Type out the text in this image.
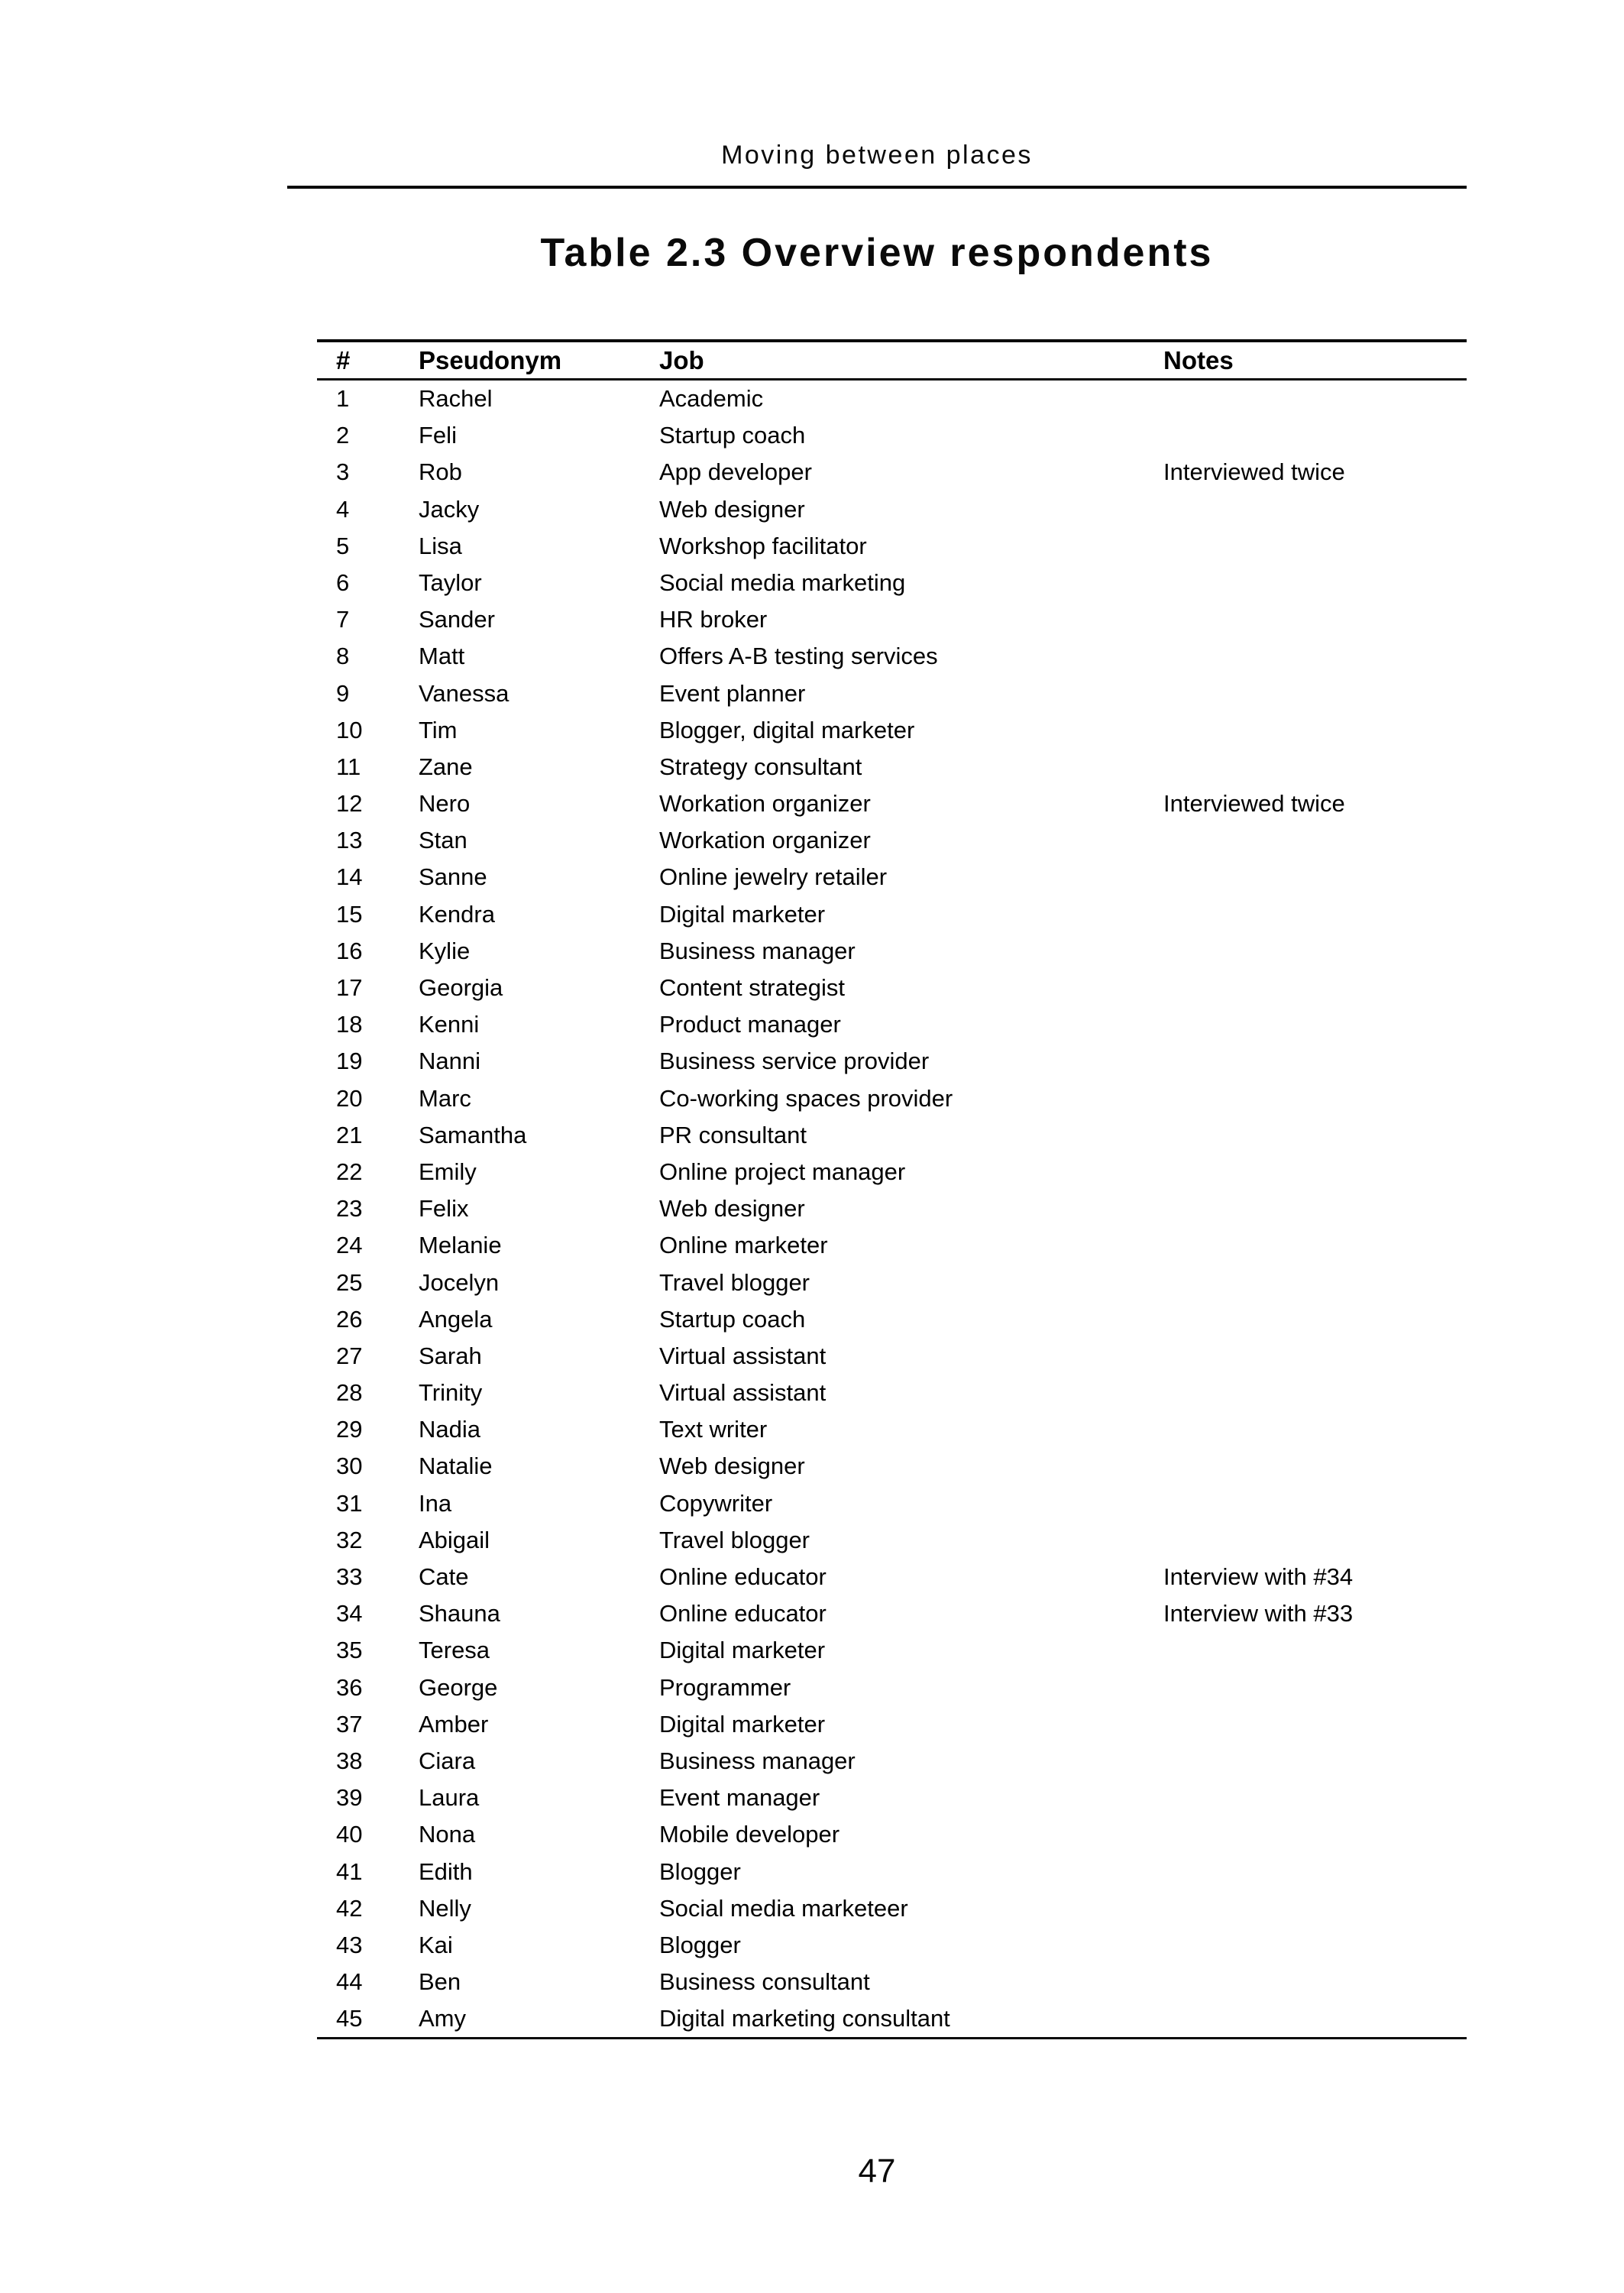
Moving between places
Table 2.3 Overview respondents
#	Pseudonym	Job	Notes
1	Rachel	Academic
2	Feli	Startup coach
3	Rob	App developer	Interviewed twice
4	Jacky	Web designer
5	Lisa	Workshop facilitator
6	Taylor	Social media marketing
7	Sander	HR broker
8	Matt	Offers A-B testing services
9	Vanessa	Event planner
10	Tim	Blogger, digital marketer
11	Zane	Strategy consultant
12	Nero	Workation organizer	Interviewed twice
13	Stan	Workation organizer
14	Sanne	Online jewelry retailer
15	Kendra	Digital marketer
16	Kylie	Business manager
17	Georgia	Content strategist
18	Kenni	Product manager
19	Nanni	Business service provider
20	Marc	Co-working spaces provider
21	Samantha	PR consultant
22	Emily	Online project manager
23	Felix	Web designer
24	Melanie	Online marketer
25	Jocelyn	Travel blogger
26	Angela	Startup coach
27	Sarah	Virtual assistant
28	Trinity	Virtual assistant
29	Nadia	Text writer
30	Natalie	Web designer
31	Ina	Copywriter
32	Abigail	Travel blogger
33	Cate	Online educator	Interview with #34
34	Shauna	Online educator	Interview with #33
35	Teresa	Digital marketer
36	George	Programmer
37	Amber	Digital marketer
38	Ciara	Business manager
39	Laura	Event manager
40	Nona	Mobile developer
41	Edith	Blogger
42	Nelly	Social media marketeer
43	Kai	Blogger
44	Ben	Business consultant
45	Amy	Digital marketing consultant
47
